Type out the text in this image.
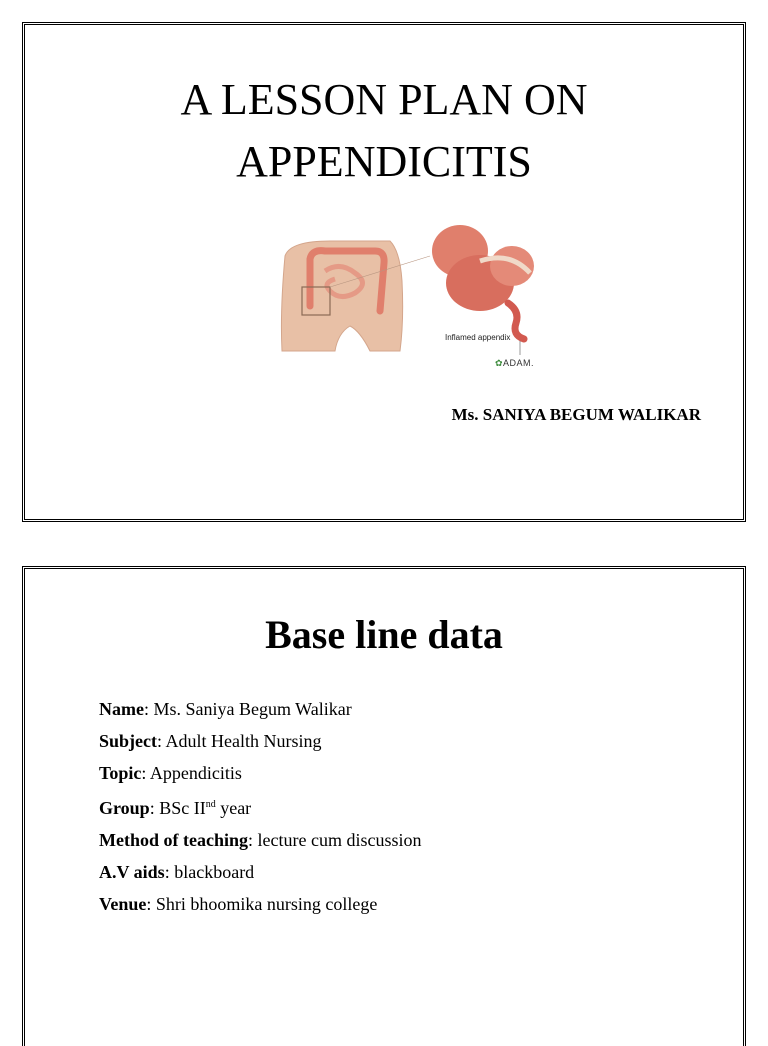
A LESSON PLAN ON
APPENDICITIS
Inflamed appendix
✿ADAM.

Ms. SANIYA BEGUM WALIKAR

Base line data
Name: Ms. Saniya Begum Walikar
Subject: Adult Health Nursing
Topic: Appendicitis
Group: BSc IInd year
Method of teaching: lecture cum discussion
A.V aids: blackboard
Venue: Shri bhoomika nursing college
